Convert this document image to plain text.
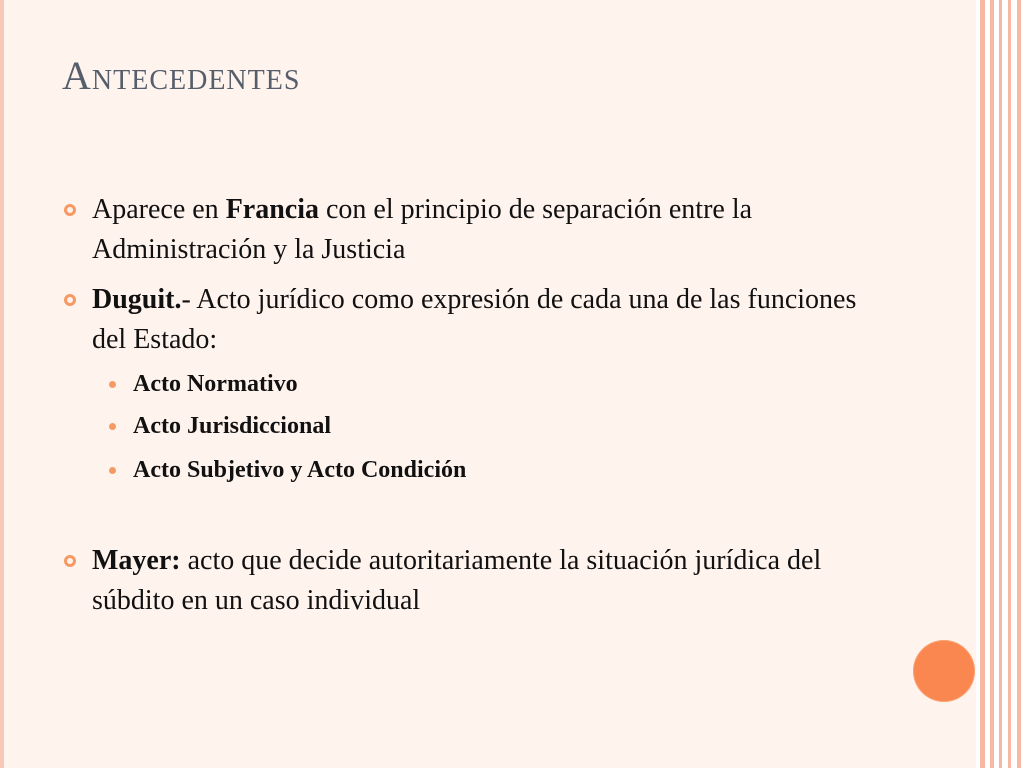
Antecedentes
Aparece en Francia con el principio de separación entre la Administración y la Justicia
Duguit.- Acto jurídico como expresión de cada una de las funciones del Estado:
Acto Normativo
Acto Jurisdiccional
Acto Subjetivo y Acto Condición
Mayer: acto que decide autoritariamente la situación jurídica del súbdito en un caso individual
